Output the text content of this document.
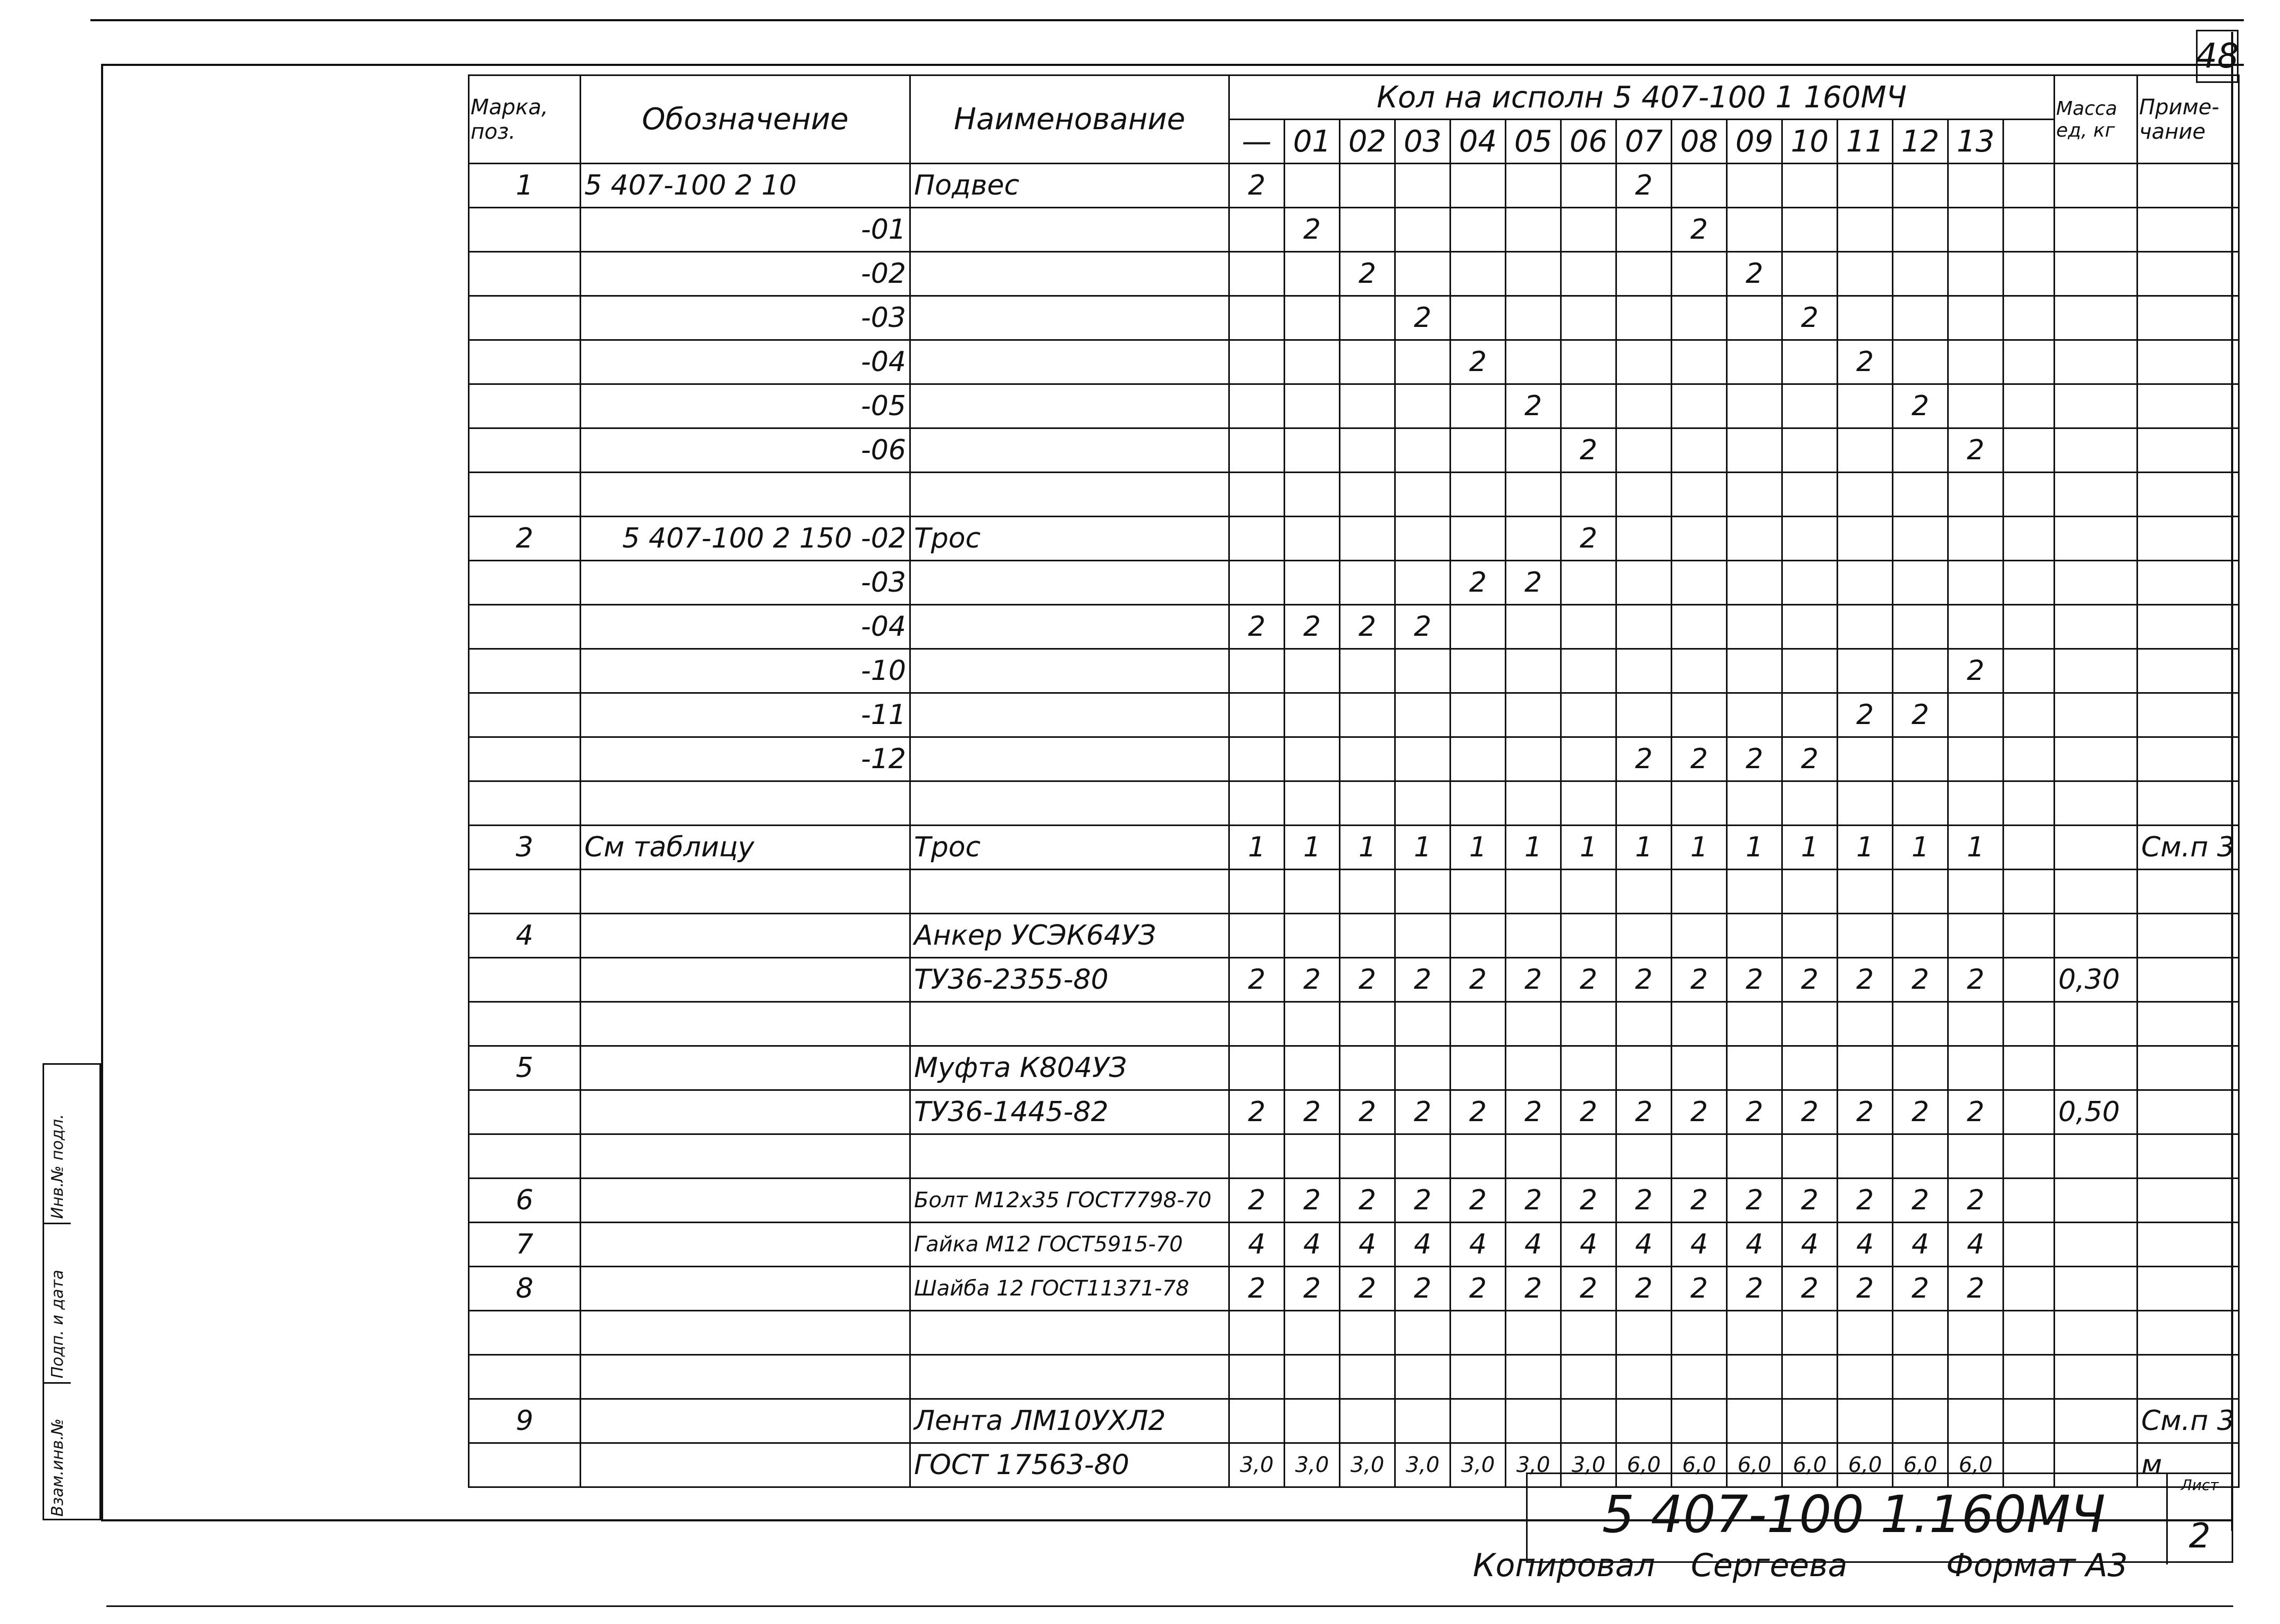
48
Марка, поз.	Обозначение	Наименование	Кол на исполн 5 407-100 1 160МЧ															Масса ед, кг	Приме- чание
			—	01	02	03	04	05	06	07	08	09	10	11	12	13			
1	5 407-100 2 10	Подвес	2							2									
	-01			2							2								
	-02				2							2							
	-03					2							2						
	-04						2							2					
	-05							2							2				
	-06								2							2			

2	5 407-100 2 150 -02	Трос							2										
	-03						2	2											
	-04		2	2	2	2													
	-10															2			
	-11													2	2				
	-12									2	2	2	2						

3	См таблицу	Трос	1	1	1	1	1	1	1	1	1	1	1	1	1	1			См.п 3

4		Анкер УСЭК64УЗ																	
		ТУ36-2355-80	2	2	2	2	2	2	2	2	2	2	2	2	2	2		0,30	

5		Муфта К804УЗ																	
		ТУ36-1445-82	2	2	2	2	2	2	2	2	2	2	2	2	2	2		0,50	

6		Болт М12х35 ГОСТ7798-70	2	2	2	2	2	2	2	2	2	2	2	2	2	2			
7		Гайка М12 ГОСТ5915-70	4	4	4	4	4	4	4	4	4	4	4	4	4	4			
8		Шайба 12 ГОСТ11371-78	2	2	2	2	2	2	2	2	2	2	2	2	2	2			

9		Лента ЛМ10УХЛ2																	См.п 3
		ГОСТ 17563-80	3,0	3,0	3,0	3,0	3,0	3,0	3,0	6,0	6,0	6,0	6,0	6,0	6,0	6,0			м
5 407-100 1.160МЧ	Лист
2
Копировал Сергеева	Формат А3
Инв.№ подл.
Подп. и дата
Взам.инв.№
